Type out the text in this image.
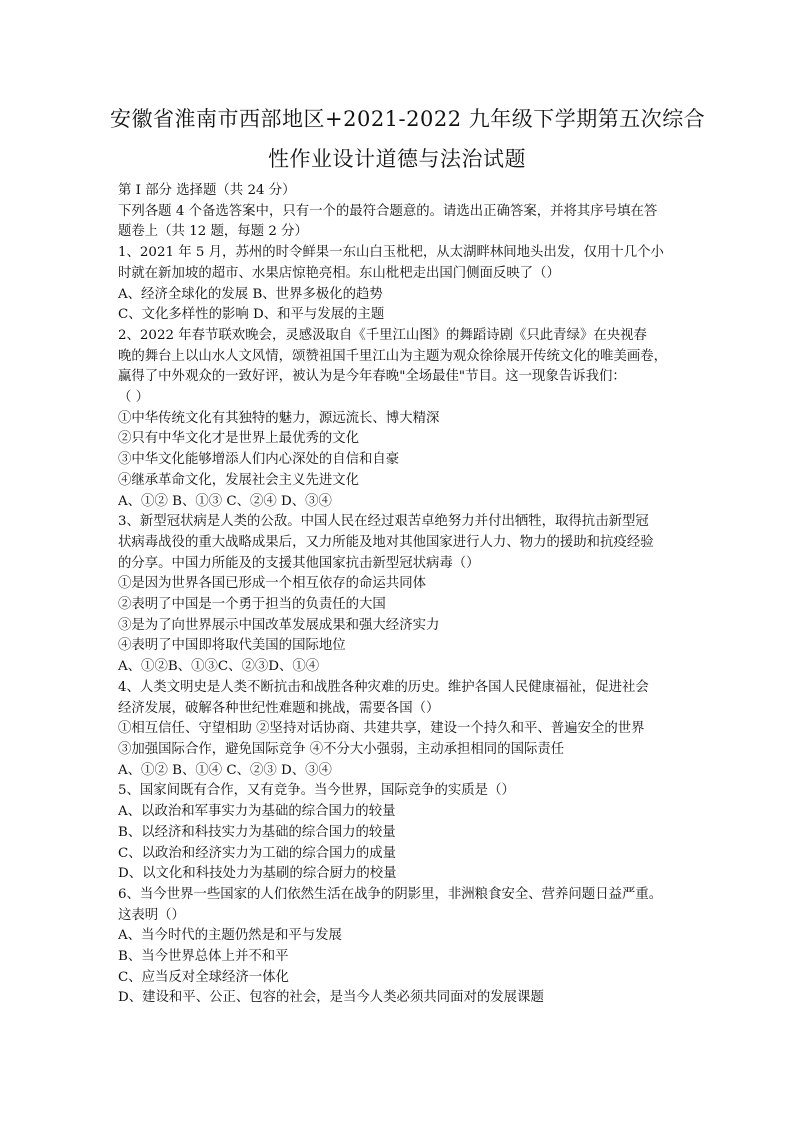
安徽省淮南市西部地区+2021-2022 九年级下学期第五次综合
性作业设计道德与法治试题

第 I 部分 选择题（共 24 分）

下列各题 4 个备选答案中，只有一个的最符合题意的。请选出正确答案，并将其序号填在答

题卷上（共 12 题，每题 2 分）

1、2021 年 5 月，苏州的时令鲜果一东山白玉枇杷，从太湖畔林间地头出发，仅用十几个小

时就在新加坡的超市、水果店惊艳亮相。东山枇杷走出国门侧面反映了（）

A、经济全球化的发展 B、世界多极化的趋势

C、文化多样性的影响 D、和平与发展的主题

2、2022 年春节联欢晚会，灵感汲取自《千里江山图》的舞蹈诗剧《只此青绿》在央视春

晚的舞台上以山水人文风情，颂赞祖国千里江山为主题为观众徐徐展开传统文化的唯美画卷，

赢得了中外观众的一致好评，被认为是今年春晚"全场最佳"节目。这一现象告诉我们：

（ ）

①中华传统文化有其独特的魅力，源远流长、博大精深

②只有中华文化才是世界上最优秀的文化

③中华文化能够增添人们内心深处的自信和自豪

④继承革命文化，发展社会主义先进文化

A、①② B、①③ C、②④ D、③④

3、新型冠状病是人类的公敌。中国人民在经过艰苦卓绝努力并付出牺牲，取得抗击新型冠

状病毒战役的重大战略成果后，又力所能及地对其他国家进行人力、物力的援助和抗疫经验

的分享。中国力所能及的支援其他国家抗击新型冠状病毒（）

①是因为世界各国已形成一个相互依存的命运共同体

②表明了中国是一个勇于担当的负责任的大国

③是为了向世界展示中国改革发展成果和强大经济实力

④表明了中国即将取代美国的国际地位

A、①②B、①③C、②③D、①④

4、人类文明史是人类不断抗击和战胜各种灾难的历史。维护各国人民健康福祉，促进社会

经济发展，破解各种世纪性难题和挑战，需要各国（）

①相互信任、守望相助 ②坚持对话协商、共建共享，建设一个持久和平、普遍安全的世界

③加强国际合作，避免国际竞争 ④不分大小强弱，主动承担相同的国际责任

A、①② B、①④ C、②③ D、③④

5、国家间既有合作，又有竞争。当今世界，国际竞争的实质是（）

A、以政治和军事实力为基础的综合国力的较量

B、以经济和科技实力为基础的综合国力的较量

C、以政治和经济实力为工础的综合国力的成量

D、以文化和科技处力为基刷的综合厨力的校量

6、当今世界一些国家的人们依然生活在战争的阴影里，非洲粮食安全、营养问题日益严重。

这表明（）

A、当今时代的主题仍然是和平与发展

B、当今世界总体上并不和平

C、应当反对全球经济一体化

D、建设和平、公正、包容的社会，是当今人类必须共同面对的发展课题
